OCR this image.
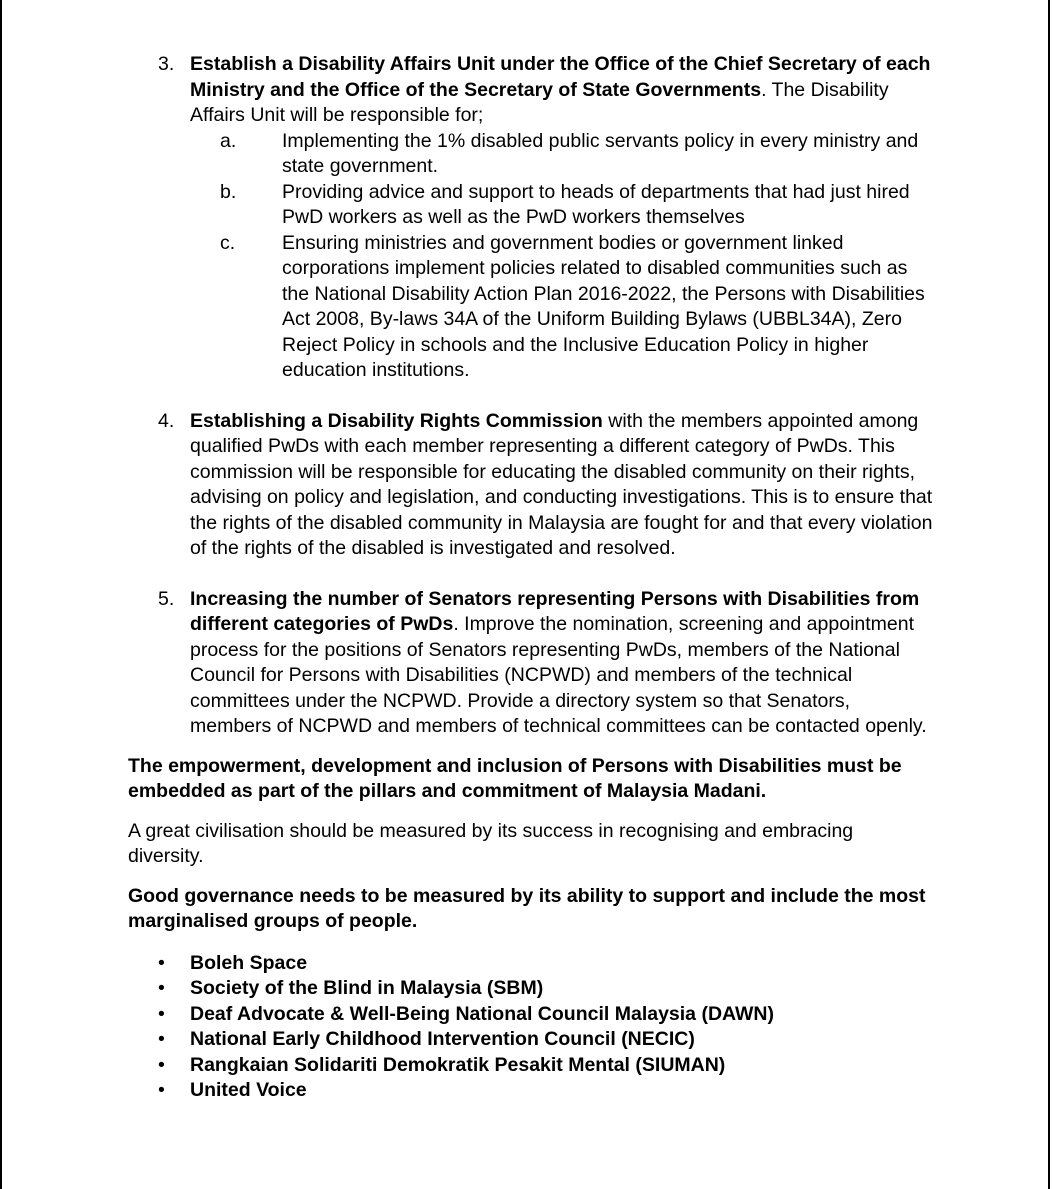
3. Establish a Disability Affairs Unit under the Office of the Chief Secretary of each Ministry and the Office of the Secretary of State Governments. The Disability Affairs Unit will be responsible for;
a. Implementing the 1% disabled public servants policy in every ministry and state government.
b. Providing advice and support to heads of departments that had just hired PwD workers as well as the PwD workers themselves
c. Ensuring ministries and government bodies or government linked corporations implement policies related to disabled communities such as the National Disability Action Plan 2016-2022, the Persons with Disabilities Act 2008, By-laws 34A of the Uniform Building Bylaws (UBBL34A), Zero Reject Policy in schools and the Inclusive Education Policy in higher education institutions.
4. Establishing a Disability Rights Commission with the members appointed among qualified PwDs with each member representing a different category of PwDs. This commission will be responsible for educating the disabled community on their rights, advising on policy and legislation, and conducting investigations. This is to ensure that the rights of the disabled community in Malaysia are fought for and that every violation of the rights of the disabled is investigated and resolved.
5. Increasing the number of Senators representing Persons with Disabilities from different categories of PwDs. Improve the nomination, screening and appointment process for the positions of Senators representing PwDs, members of the National Council for Persons with Disabilities (NCPWD) and members of the technical committees under the NCPWD. Provide a directory system so that Senators, members of NCPWD and members of technical committees can be contacted openly.

The empowerment, development and inclusion of Persons with Disabilities must be embedded as part of the pillars and commitment of Malaysia Madani.

A great civilisation should be measured by its success in recognising and embracing diversity.

Good governance needs to be measured by its ability to support and include the most marginalised groups of people.

• Boleh Space
• Society of the Blind in Malaysia (SBM)
• Deaf Advocate & Well-Being National Council Malaysia (DAWN)
• National Early Childhood Intervention Council (NECIC)
• Rangkaian Solidariti Demokratik Pesakit Mental (SIUMAN)
• United Voice
